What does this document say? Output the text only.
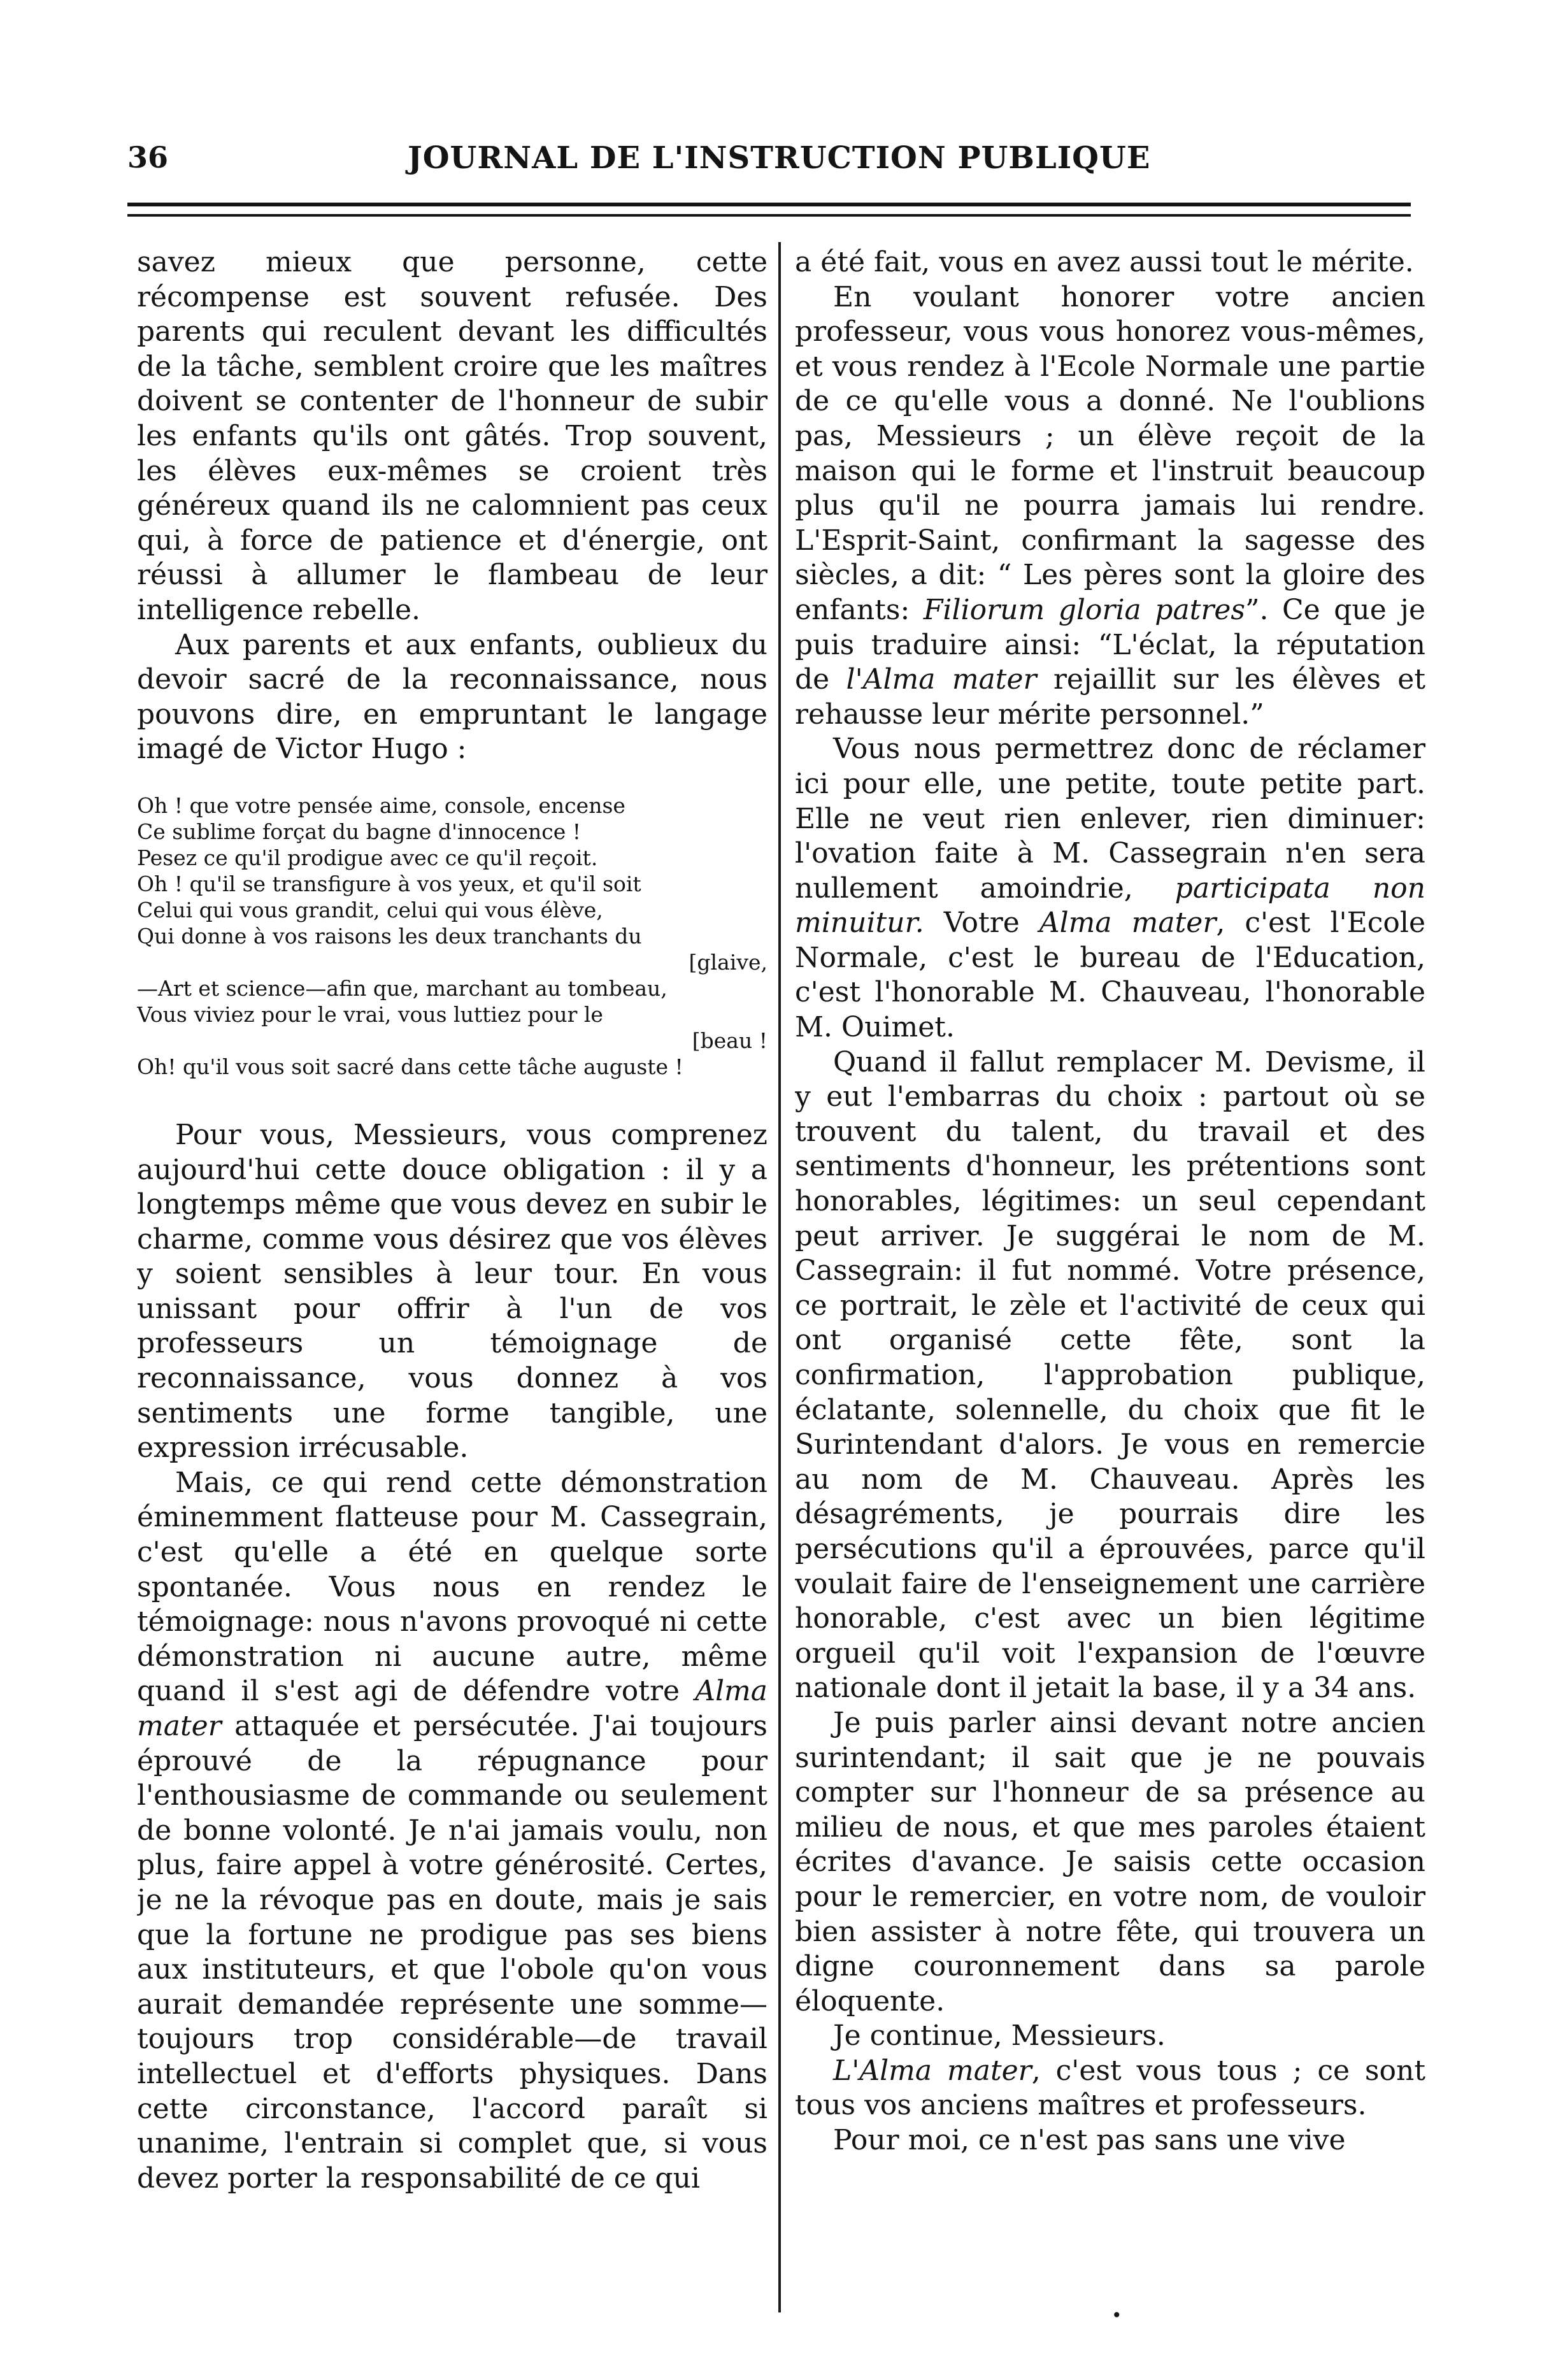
36	JOURNAL DE L'INSTRUCTION PUBLIQUE

savez mieux que personne, cette récompense est souvent refusée. Des parents qui reculent devant les difficultés de la tâche, semblent croire que les maîtres doivent se contenter de l'honneur de subir les enfants qu'ils ont gâtés. Trop souvent, les élèves eux-mêmes se croient très généreux quand ils ne calomnient pas ceux qui, à force de patience et d'énergie, ont réussi à allumer le flambeau de leur intelligence rebelle.

Aux parents et aux enfants, oublieux du devoir sacré de la reconnaissance, nous pouvons dire, en empruntant le langage imagé de Victor Hugo :

Oh ! que votre pensée aime, console, encense
Ce sublime forçat du bagne d'innocence !
Pesez ce qu'il prodigue avec ce qu'il reçoit.
Oh ! qu'il se transfigure à vos yeux, et qu'il soit
Celui qui vous grandit, celui qui vous élève,
Qui donne à vos raisons les deux tranchants du
[glaive,
—Art et science—afin que, marchant au tombeau,
Vous viviez pour le vrai, vous luttiez pour le
[beau !
Oh! qu'il vous soit sacré dans cette tâche auguste !

Pour vous, Messieurs, vous comprenez aujourd'hui cette douce obligation : il y a longtemps même que vous devez en subir le charme, comme vous désirez que vos élèves y soient sensibles à leur tour. En vous unissant pour offrir à l'un de vos professeurs un témoignage de reconnaissance, vous donnez à vos sentiments une forme tangible, une expression irrécusable.

Mais, ce qui rend cette démonstration éminemment flatteuse pour M. Cassegrain, c'est qu'elle a été en quelque sorte spontanée. Vous nous en rendez le témoignage: nous n'avons provoqué ni cette démonstration ni aucune autre, même quand il s'est agi de défendre votre Alma mater attaquée et persécutée. J'ai toujours éprouvé de la répugnance pour l'enthousiasme de commande ou seulement de bonne volonté. Je n'ai jamais voulu, non plus, faire appel à votre générosité. Certes, je ne la révoque pas en doute, mais je sais que la fortune ne prodigue pas ses biens aux instituteurs, et que l'obole qu'on vous aurait demandée représente une somme—toujours trop considérable—de travail intellectuel et d'efforts physiques. Dans cette circonstance, l'accord paraît si unanime, l'entrain si complet que, si vous devez porter la responsabilité de ce qui

a été fait, vous en avez aussi tout le mérite.

En voulant honorer votre ancien professeur, vous vous honorez vous-mêmes, et vous rendez à l'Ecole Normale une partie de ce qu'elle vous a donné. Ne l'oublions pas, Messieurs ; un élève reçoit de la maison qui le forme et l'instruit beaucoup plus qu'il ne pourra jamais lui rendre. L'Esprit-Saint, confirmant la sagesse des siècles, a dit: “ Les pères sont la gloire des enfants: Filiorum gloria patres”. Ce que je puis traduire ainsi: “L'éclat, la réputation de l'Alma mater rejaillit sur les élèves et rehausse leur mérite personnel.”

Vous nous permettrez donc de réclamer ici pour elle, une petite, toute petite part. Elle ne veut rien enlever, rien diminuer: l'ovation faite à M. Cassegrain n'en sera nullement amoindrie, participata non minuitur. Votre Alma mater, c'est l'Ecole Normale, c'est le bureau de l'Education, c'est l'honorable M. Chauveau, l'honorable M. Ouimet.

Quand il fallut remplacer M. Devisme, il y eut l'embarras du choix : partout où se trouvent du talent, du travail et des sentiments d'honneur, les prétentions sont honorables, légitimes: un seul cependant peut arriver. Je suggérai le nom de M. Cassegrain: il fut nommé. Votre présence, ce portrait, le zèle et l'activité de ceux qui ont organisé cette fête, sont la confirmation, l'approbation publique, éclatante, solennelle, du choix que fit le Surintendant d'alors. Je vous en remercie au nom de M. Chauveau. Après les désagréments, je pourrais dire les persécutions qu'il a éprouvées, parce qu'il voulait faire de l'enseignement une carrière honorable, c'est avec un bien légitime orgueil qu'il voit l'expansion de l'œuvre nationale dont il jetait la base, il y a 34 ans.

Je puis parler ainsi devant notre ancien surintendant; il sait que je ne pouvais compter sur l'honneur de sa présence au milieu de nous, et que mes paroles étaient écrites d'avance. Je saisis cette occasion pour le remercier, en votre nom, de vouloir bien assister à notre fête, qui trouvera un digne couronnement dans sa parole éloquente.

Je continue, Messieurs.

L'Alma mater, c'est vous tous ; ce sont tous vos anciens maîtres et professeurs.

Pour moi, ce n'est pas sans une vive

•
